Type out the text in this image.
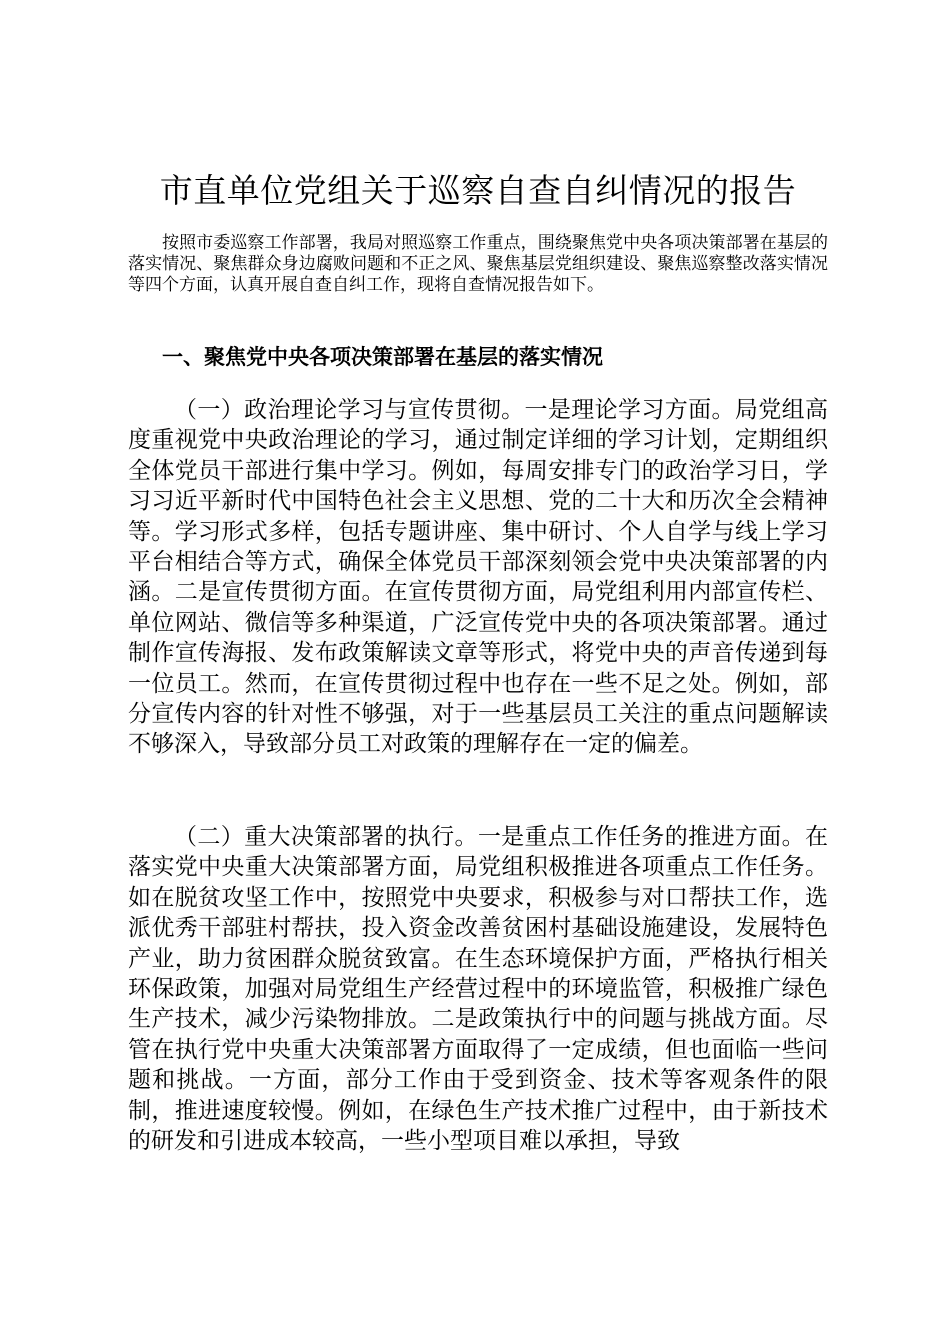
市直单位党组关于巡察自查自纠情况的报告

按照市委巡察工作部署，我局对照巡察工作重点，围绕聚焦党中央各项决策部署在基层的落实情况、聚焦群众身边腐败问题和不正之风、聚焦基层党组织建设、聚焦巡察整改落实情况等四个方面，认真开展自查自纠工作，现将自查情况报告如下。

一、聚焦党中央各项决策部署在基层的落实情况

（一）政治理论学习与宣传贯彻。一是理论学习方面。局党组高度重视党中央政治理论的学习，通过制定详细的学习计划，定期组织全体党员干部进行集中学习。例如，每周安排专门的政治学习日，学习习近平新时代中国特色社会主义思想、党的二十大和历次全会精神等。学习形式多样，包括专题讲座、集中研讨、个人自学与线上学习平台相结合等方式，确保全体党员干部深刻领会党中央决策部署的内涵。二是宣传贯彻方面。在宣传贯彻方面，局党组利用内部宣传栏、单位网站、微信等多种渠道，广泛宣传党中央的各项决策部署。通过制作宣传海报、发布政策解读文章等形式，将党中央的声音传递到每一位员工。然而，在宣传贯彻过程中也存在一些不足之处。例如，部分宣传内容的针对性不够强，对于一些基层员工关注的重点问题解读不够深入，导致部分员工对政策的理解存在一定的偏差。

（二）重大决策部署的执行。一是重点工作任务的推进方面。在落实党中央重大决策部署方面，局党组积极推进各项重点工作任务。如在脱贫攻坚工作中，按照党中央要求，积极参与对口帮扶工作，选派优秀干部驻村帮扶，投入资金改善贫困村基础设施建设，发展特色产业，助力贫困群众脱贫致富。在生态环境保护方面，严格执行相关环保政策，加强对局党组生产经营过程中的环境监管，积极推广绿色生产技术，减少污染物排放。二是政策执行中的问题与挑战方面。尽管在执行党中央重大决策部署方面取得了一定成绩，但也面临一些问题和挑战。一方面，部分工作由于受到资金、技术等客观条件的限制，推进速度较慢。例如，在绿色生产技术推广过程中，由于新技术的研发和引进成本较高，一些小型项目难以承担，导致
